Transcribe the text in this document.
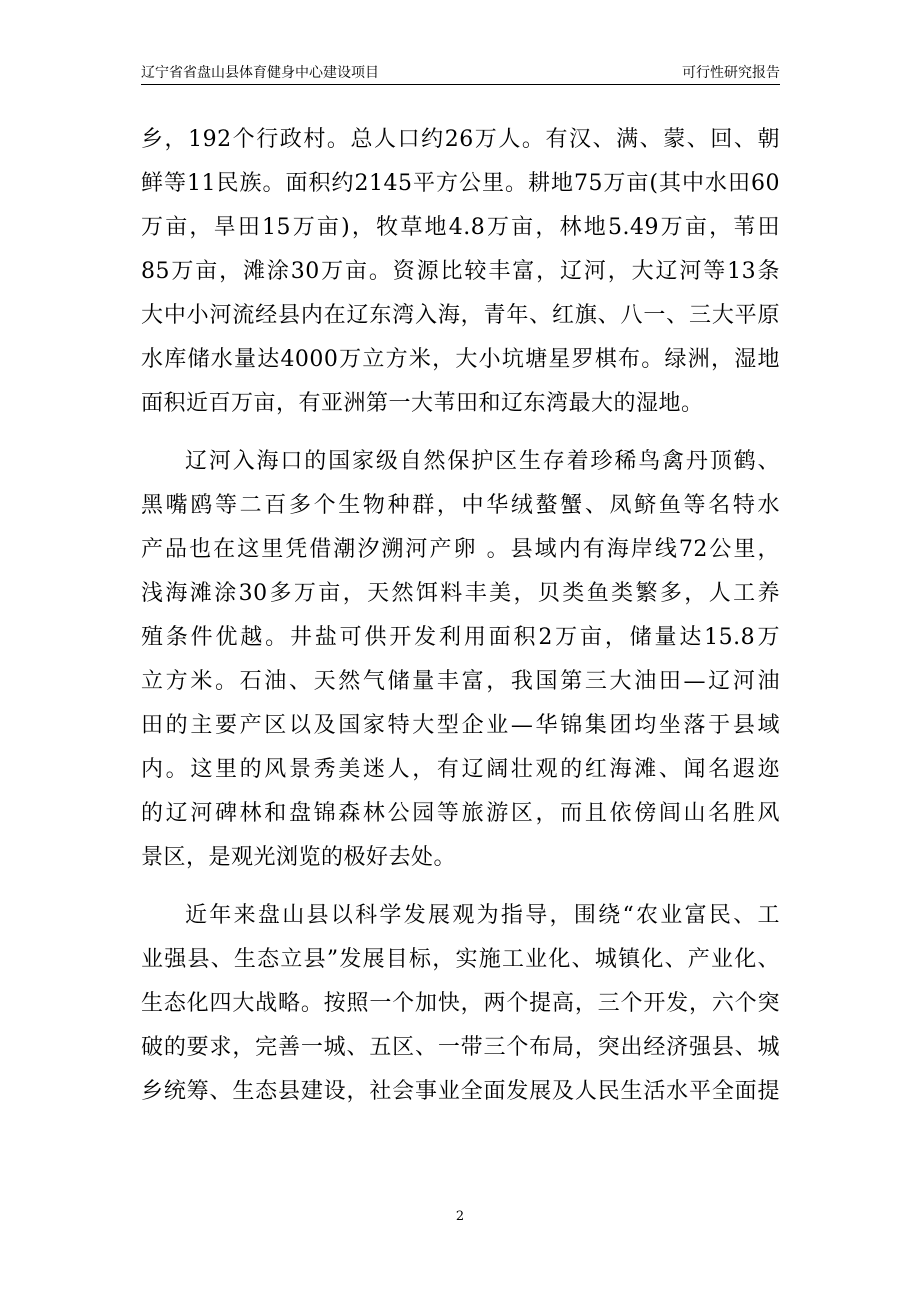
辽宁省省盘山县体育健身中心建设项目	可行性研究报告
乡，192个行政村。总人口约26万人。有汉、满、蒙、回、朝
鲜等11民族。面积约2145平方公里。耕地75万亩(其中水田60
万亩，旱田15万亩)，牧草地4.8万亩，林地5.49万亩，苇田
85万亩，滩涂30万亩。资源比较丰富，辽河，大辽河等13条
大中小河流经县内在辽东湾入海，青年、红旗、八一、三大平原
水库储水量达4000万立方米，大小坑塘星罗棋布。绿洲，湿地
面积近百万亩，有亚洲第一大苇田和辽东湾最大的湿地。
辽河入海口的国家级自然保护区生存着珍稀鸟禽丹顶鹤、
黑嘴鸥等二百多个生物种群，中华绒螯蟹、凤鲚鱼等名特水
产品也在这里凭借潮汐溯河产卵 。县域内有海岸线72公里，
浅海滩涂30多万亩，天然饵料丰美，贝类鱼类繁多，人工养
殖条件优越。井盐可供开发利用面积2万亩，储量达15.8万
立方米。石油、天然气储量丰富，我国第三大油田—辽河油
田的主要产区以及国家特大型企业—华锦集团均坐落于县域
内。这里的风景秀美迷人，有辽阔壮观的红海滩、闻名遐迩
的辽河碑林和盘锦森林公园等旅游区，而且依傍闾山名胜风
景区，是观光浏览的极好去处。
近年来盘山县以科学发展观为指导，围绕“农业富民、工
业强县、生态立县”发展目标，实施工业化、城镇化、产业化、
生态化四大战略。按照一个加快，两个提高，三个开发，六个突
破的要求，完善一城、五区、一带三个布局，突出经济强县、城
乡统筹、生态县建设，社会事业全面发展及人民生活水平全面提
2
